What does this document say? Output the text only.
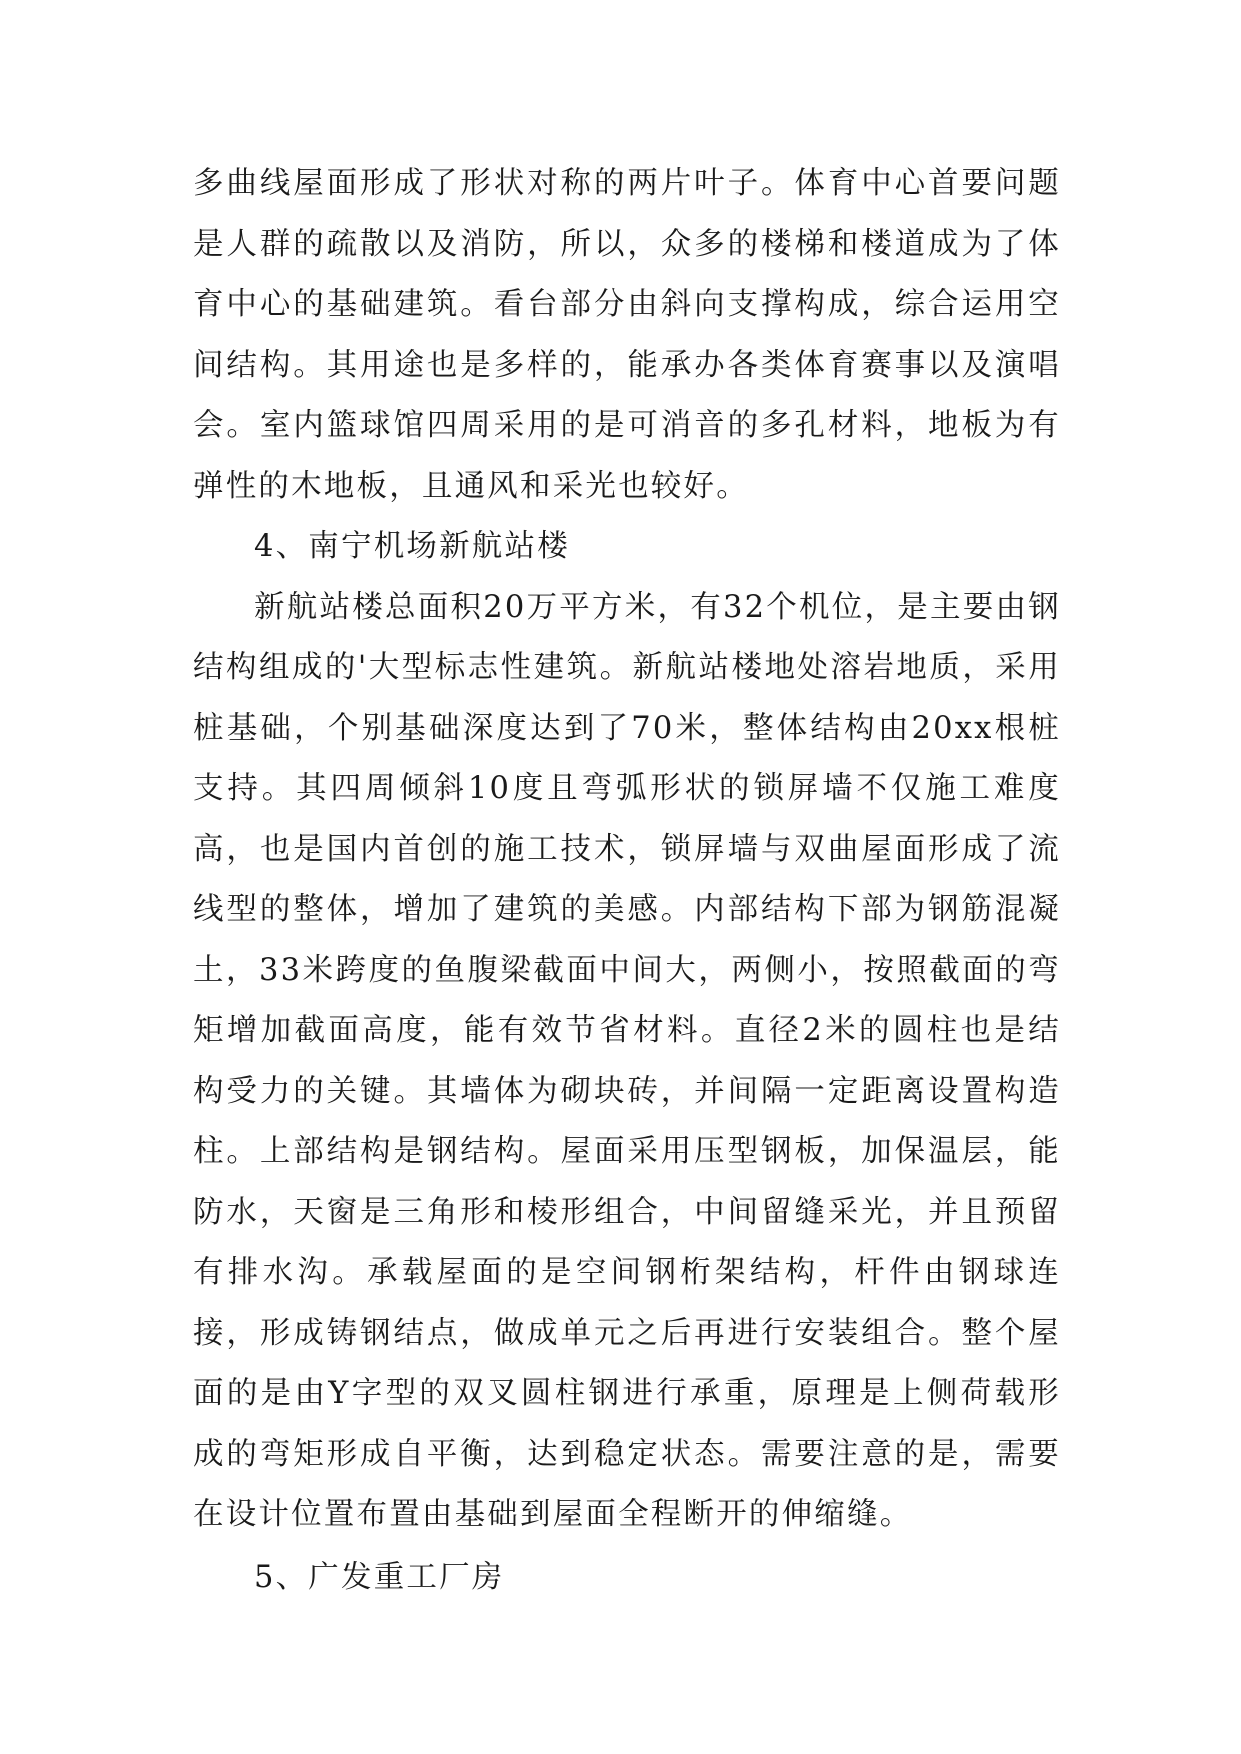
多曲线屋面形成了形状对称的两片叶子。体育中心首要问题是人群的疏散以及消防，所以，众多的楼梯和楼道成为了体育中心的基础建筑。看台部分由斜向支撑构成，综合运用空间结构。其用途也是多样的，能承办各类体育赛事以及演唱会。室内篮球馆四周采用的是可消音的多孔材料，地板为有弹性的木地板，且通风和采光也较好。

4、南宁机场新航站楼

新航站楼总面积20万平方米，有32个机位，是主要由钢结构组成的'大型标志性建筑。新航站楼地处溶岩地质，采用桩基础，个别基础深度达到了70米，整体结构由20xx根桩支持。其四周倾斜10度且弯弧形状的锁屏墙不仅施工难度高，也是国内首创的施工技术，锁屏墙与双曲屋面形成了流线型的整体，增加了建筑的美感。内部结构下部为钢筋混凝土，33米跨度的鱼腹梁截面中间大，两侧小，按照截面的弯矩增加截面高度，能有效节省材料。直径2米的圆柱也是结构受力的关键。其墙体为砌块砖，并间隔一定距离设置构造柱。上部结构是钢结构。屋面采用压型钢板，加保温层，能防水，天窗是三角形和棱形组合，中间留缝采光，并且预留有排水沟。承载屋面的是空间钢桁架结构，杆件由钢球连接，形成铸钢结点，做成单元之后再进行安装组合。整个屋面的是由Y字型的双叉圆柱钢进行承重，原理是上侧荷载形成的弯矩形成自平衡，达到稳定状态。需要注意的是，需要在设计位置布置由基础到屋面全程断开的伸缩缝。

5、广发重工厂房
